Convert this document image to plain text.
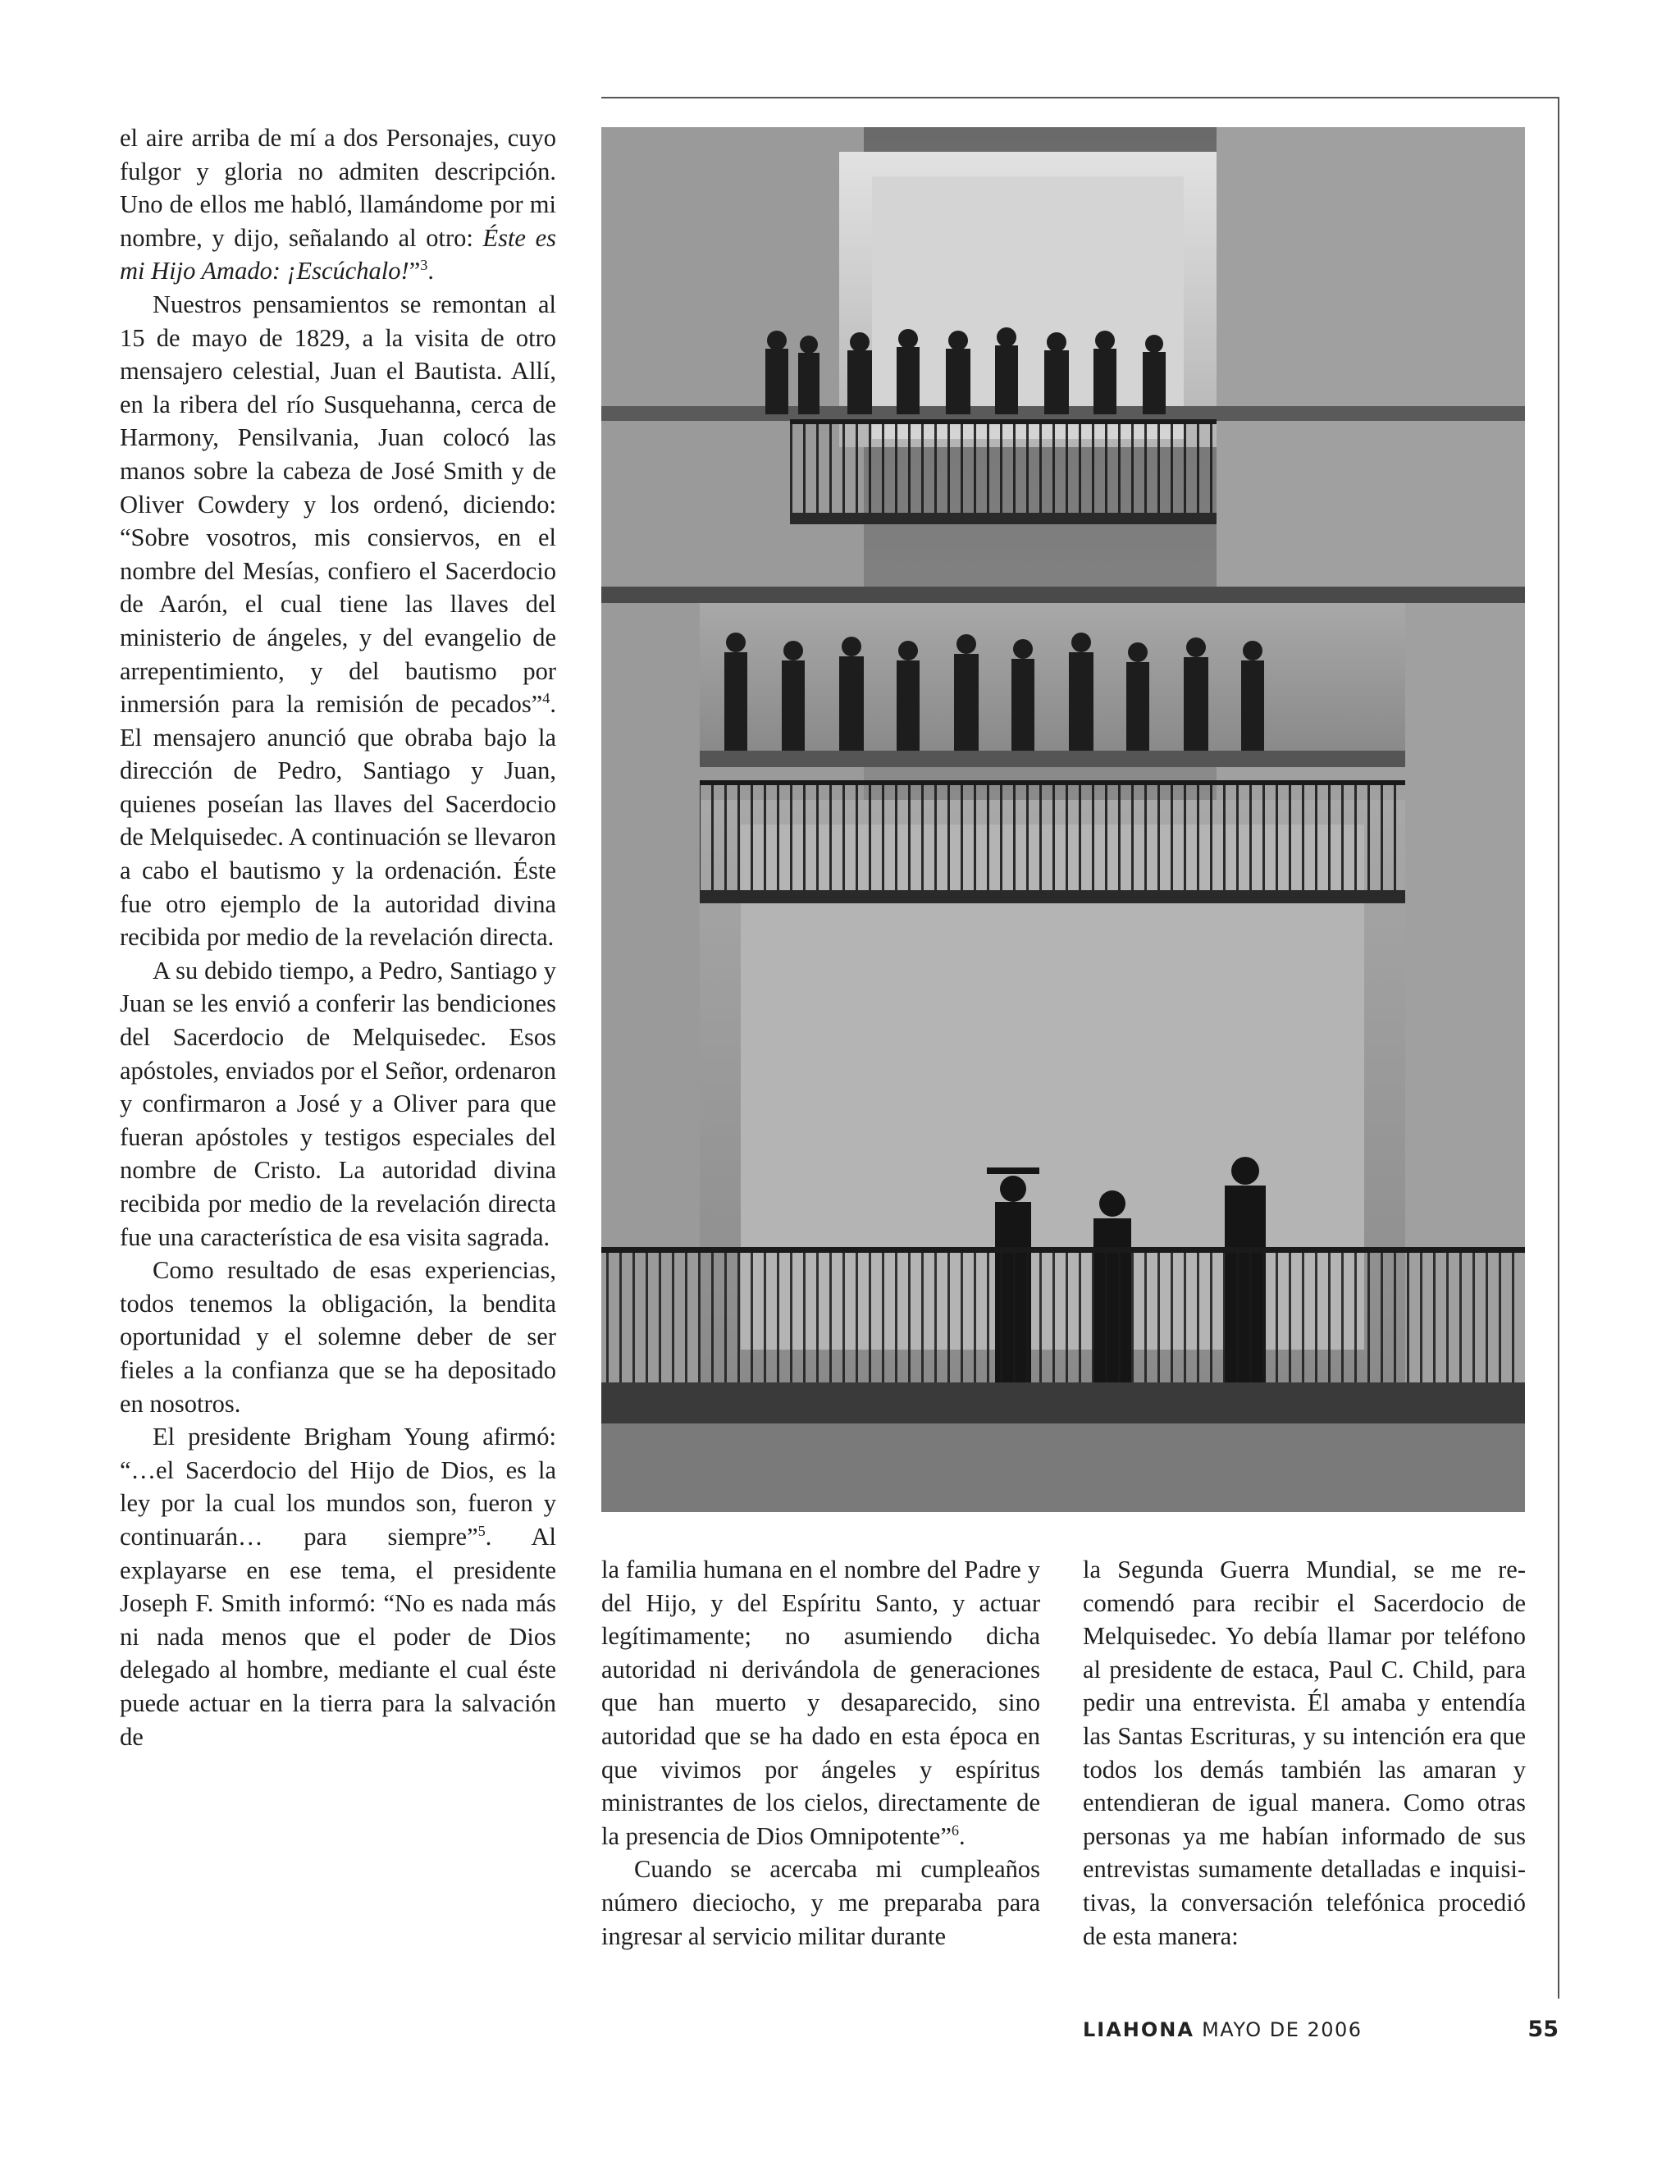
el aire arriba de mí a dos Personajes, cuyo fulgor y gloria no admiten descripción. Uno de ellos me habló, llamándome por mi nombre, y dijo, señalando al otro: Éste es mi Hijo Amado: ¡Escúchalo!”$^3$.

Nuestros pensamientos se remontan al 15 de mayo de 1829, a la visita de otro mensajero celestial, Juan el Bautista. Allí, en la ribera del río Susquehanna, cerca de Harmony, Pensilvania, Juan colocó las manos sobre la cabeza de José Smith y de Oliver Cowdery y los ordenó, diciendo: “Sobre vosotros, mis consiervos, en el nombre del Mesías, confiero el Sacerdocio de Aarón, el cual tiene las llaves del ministerio de ángeles, y del evangelio de arrepentimiento, y del bautismo por inmersión para la remisión de pecados”$^4$. El mensajero anunció que obraba bajo la dirección de Pedro, Santiago y Juan, quienes poseían las llaves del Sacerdocio de Melquisedec. A continuación se llevaron a cabo el bautismo y la ordenación. Éste fue otro ejemplo de la autoridad divina recibida por medio de la revelación directa.

A su debido tiempo, a Pedro, Santiago y Juan se les envió a conferir las bendiciones del Sacerdocio de Melquisedec. Esos apóstoles, enviados por el Señor, ordenaron y confirmaron a José y a Oliver para que fueran apóstoles y testigos especiales del nombre de Cristo. La autoridad divina recibida por medio de la revelación directa fue una característica de esa visita sagrada.

Como resultado de esas experiencias, todos tenemos la obligación, la bendita oportunidad y el solemne deber de ser fieles a la confianza que se ha depositado en nosotros.

El presidente Brigham Young afirmó: “…el Sacerdocio del Hijo de Dios, es la ley por la cual los mundos son, fueron y continuarán… para siempre”$^5$. Al explayarse en ese tema, el presidente Joseph F. Smith informó: “No es nada más ni nada menos que el poder de Dios delegado al hombre, mediante el cual éste puede actuar en la tierra para la salvación de

la familia humana en el nombre del Padre y del Hijo, y del Espíritu Santo, y actuar legítimamente; no asumiendo dicha autoridad ni derivándola de generaciones que han muerto y desaparecido, sino autoridad que se ha dado en esta época en que vivimos por ángeles y espíritus ministrantes de los cielos, directamente de la presencia de Dios Omnipotente”$^6$.

Cuando se acercaba mi cumpleaños número dieciocho, y me preparaba para ingresar al servicio militar durante

la Segunda Guerra Mundial, se me recomendó para recibir el Sacerdocio de Melquisedec. Yo debía llamar por teléfono al presidente de estaca, Paul C. Child, para pedir una entrevista. Él amaba y entendía las Santas Escrituras, y su intención era que todos los demás también las amaran y entendieran de igual manera. Como otras personas ya me habían informado de sus entrevistas sumamente detalladas e inquisitivas, la conversación telefónica procedió de esta manera:

LIAHONA MAYO DE 2006	55
